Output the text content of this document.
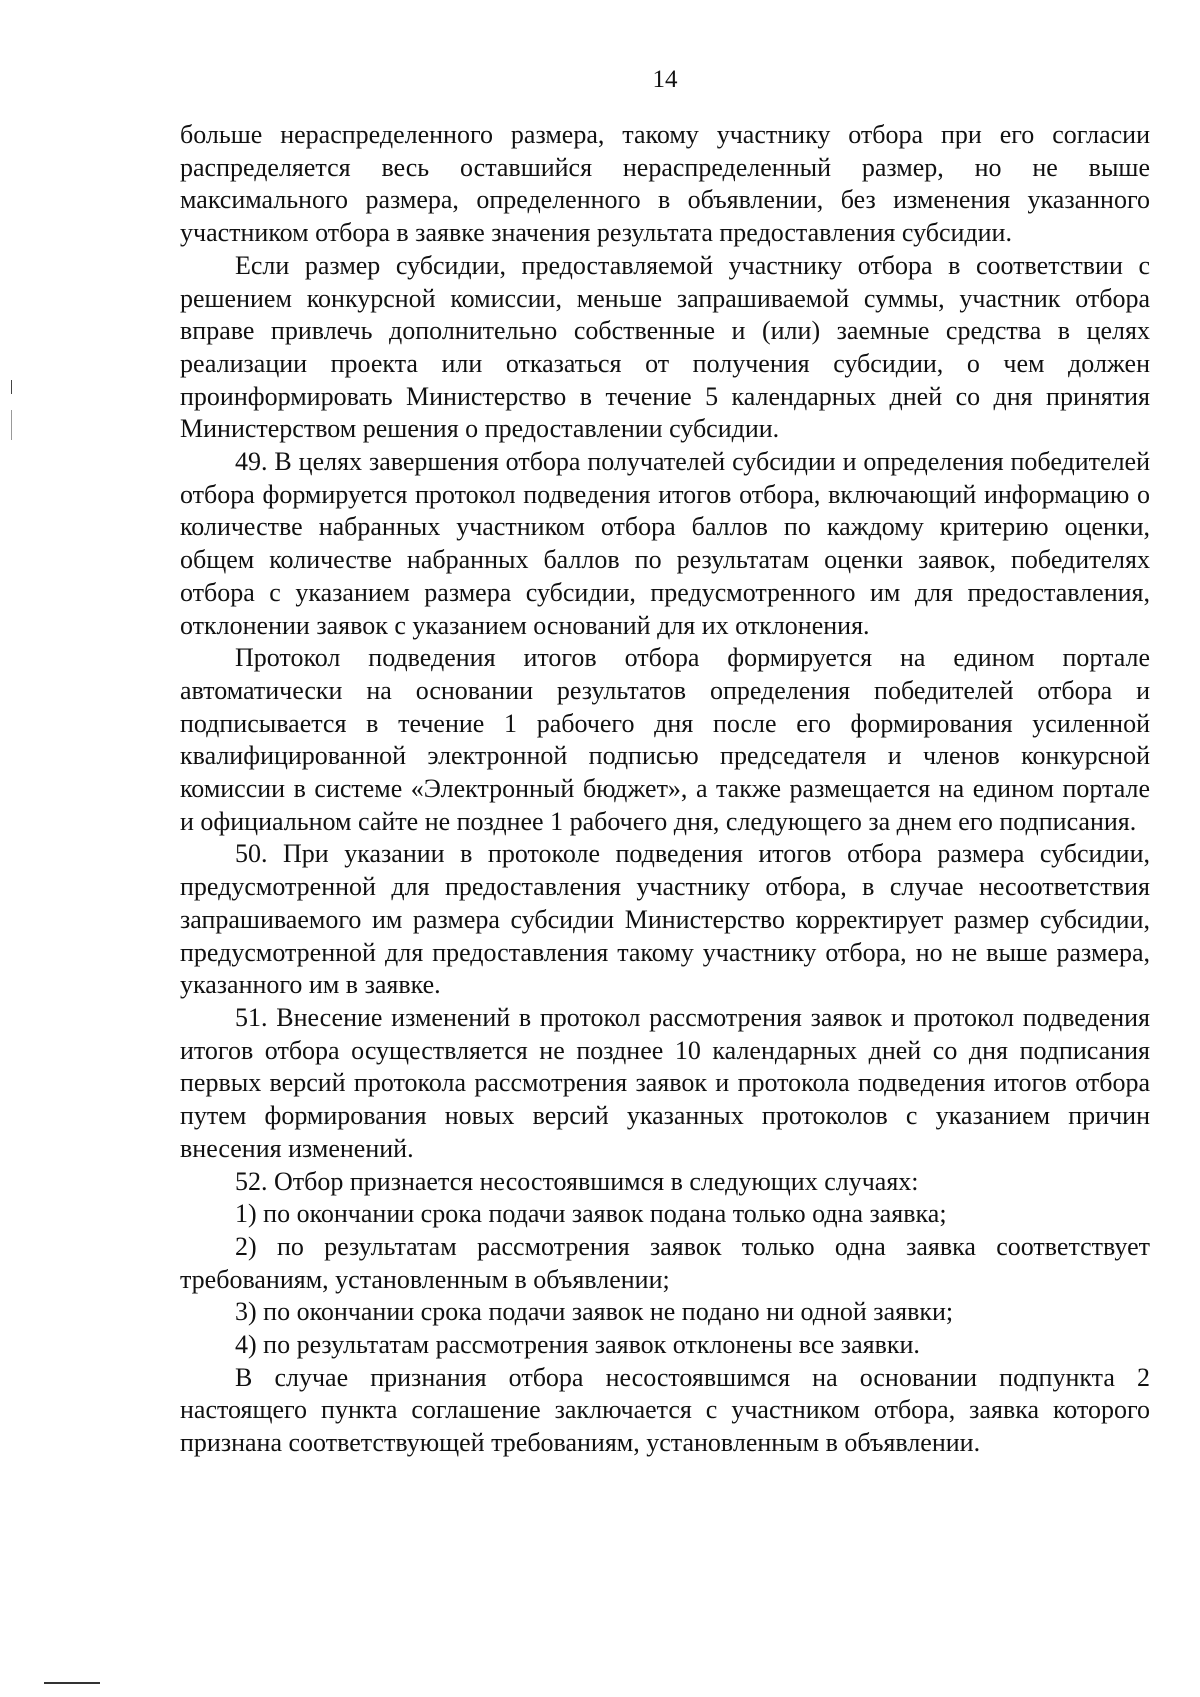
14

больше нераспределенного размера, такому участнику отбора при его согласии распределяется весь оставшийся нераспределенный размер, но не выше максимального размера, определенного в объявлении, без изменения указанного участником отбора в заявке значения результата предоставления субсидии.

Если размер субсидии, предоставляемой участнику отбора в соответствии с решением конкурсной комиссии, меньше запрашиваемой суммы, участник отбора вправе привлечь дополнительно собственные и (или) заемные средства в целях реализации проекта или отказаться от получения субсидии, о чем должен проинформировать Министерство в течение 5 календарных дней со дня принятия Министерством решения о предоставлении субсидии.

49. В целях завершения отбора получателей субсидии и определения победителей отбора формируется протокол подведения итогов отбора, включающий информацию о количестве набранных участником отбора баллов по каждому критерию оценки, общем количестве набранных баллов по результатам оценки заявок, победителях отбора с указанием размера субсидии, предусмотренного им для предоставления, отклонении заявок с указанием оснований для их отклонения.

Протокол подведения итогов отбора формируется на едином портале автоматически на основании результатов определения победителей отбора и подписывается в течение 1 рабочего дня после его формирования усиленной квалифицированной электронной подписью председателя и членов конкурсной комиссии в системе «Электронный бюджет», а также размещается на едином портале и официальном сайте не позднее 1 рабочего дня, следующего за днем его подписания.

50. При указании в протоколе подведения итогов отбора размера субсидии, предусмотренной для предоставления участнику отбора, в случае несоответствия запрашиваемого им размера субсидии Министерство корректирует размер субсидии, предусмотренной для предоставления такому участнику отбора, но не выше размера, указанного им в заявке.

51. Внесение изменений в протокол рассмотрения заявок и протокол подведения итогов отбора осуществляется не позднее 10 календарных дней со дня подписания первых версий протокола рассмотрения заявок и протокола подведения итогов отбора путем формирования новых версий указанных протоколов с указанием причин внесения изменений.

52. Отбор признается несостоявшимся в следующих случаях:

1) по окончании срока подачи заявок подана только одна заявка;

2) по результатам рассмотрения заявок только одна заявка соответствует требованиям, установленным в объявлении;

3) по окончании срока подачи заявок не подано ни одной заявки;

4) по результатам рассмотрения заявок отклонены все заявки.

В случае признания отбора несостоявшимся на основании подпункта 2 настоящего пункта соглашение заключается с участником отбора, заявка которого признана соответствующей требованиям, установленным в объявлении.
